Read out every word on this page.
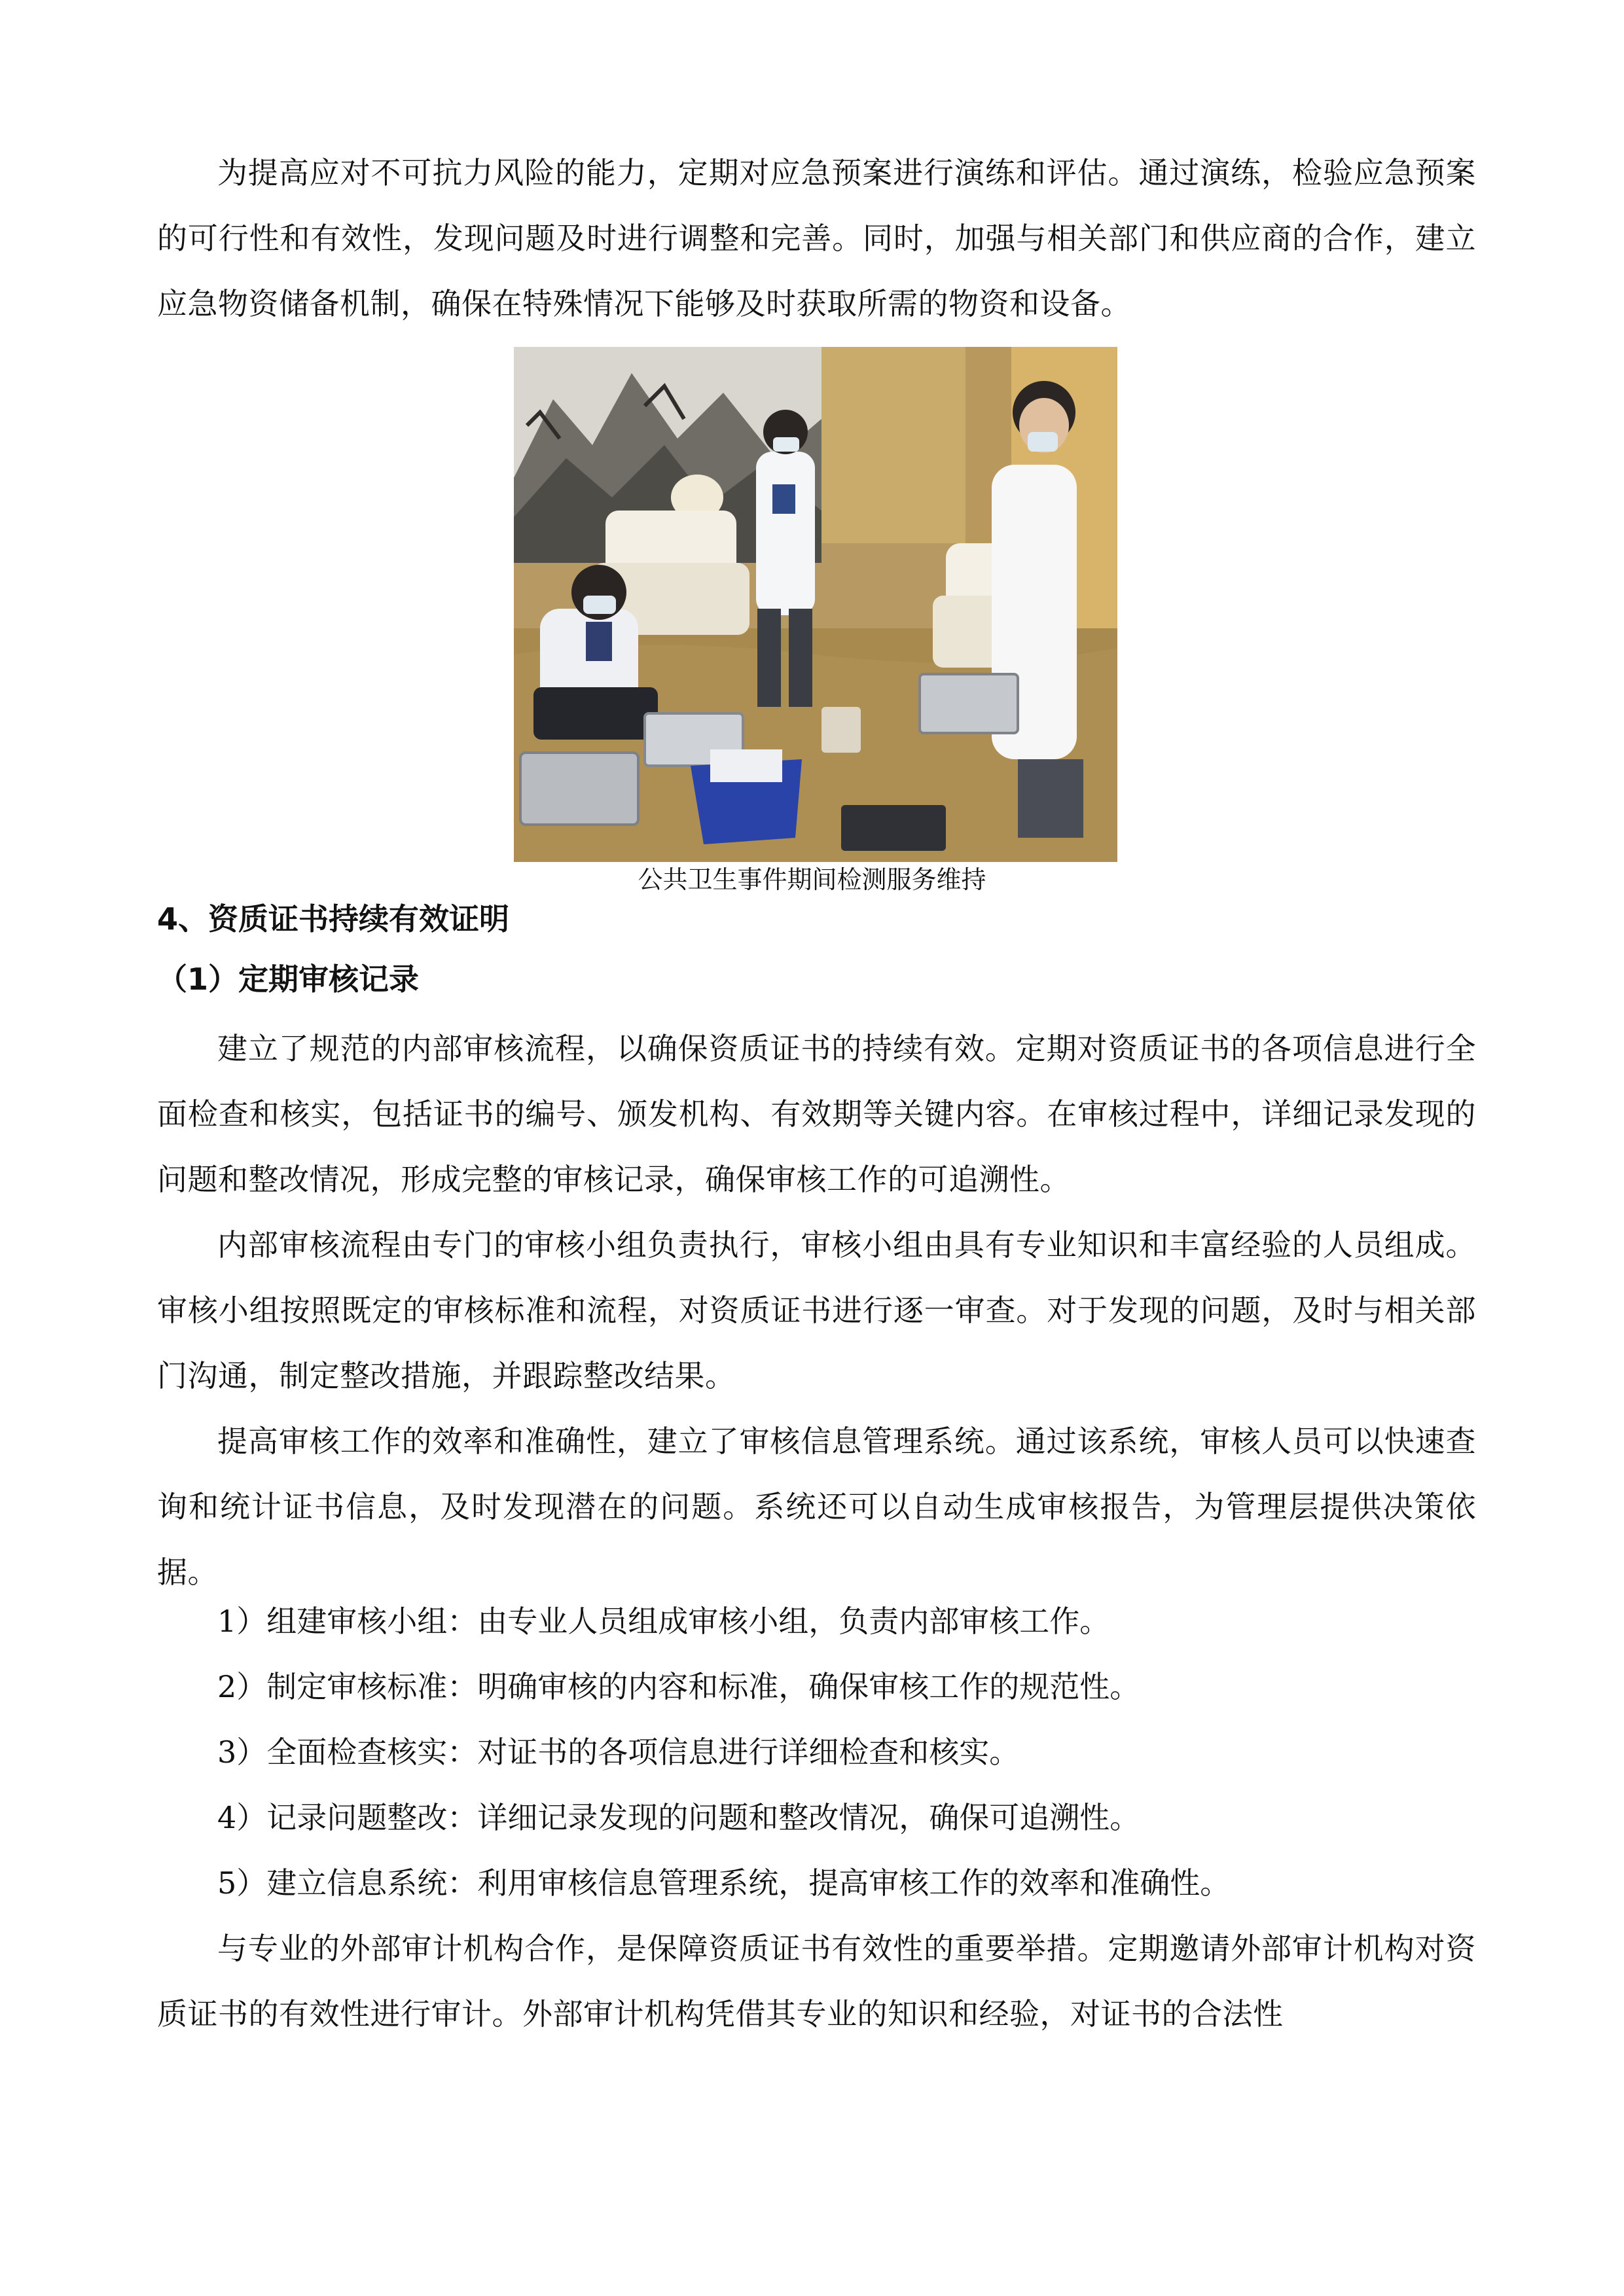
为提高应对不可抗力风险的能力，定期对应急预案进行演练和评估。通过演练，检验应急预案的可行性和有效性，发现问题及时进行调整和完善。同时，加强与相关部门和供应商的合作，建立应急物资储备机制，确保在特殊情况下能够及时获取所需的物资和设备。

公共卫生事件期间检测服务维持

4、资质证书持续有效证明

（1）定期审核记录

建立了规范的内部审核流程，以确保资质证书的持续有效。定期对资质证书的各项信息进行全面检查和核实，包括证书的编号、颁发机构、有效期等关键内容。在审核过程中，详细记录发现的问题和整改情况，形成完整的审核记录，确保审核工作的可追溯性。

内部审核流程由专门的审核小组负责执行，审核小组由具有专业知识和丰富经验的人员组成。审核小组按照既定的审核标准和流程，对资质证书进行逐一审查。对于发现的问题，及时与相关部门沟通，制定整改措施，并跟踪整改结果。

提高审核工作的效率和准确性，建立了审核信息管理系统。通过该系统，审核人员可以快速查询和统计证书信息，及时发现潜在的问题。系统还可以自动生成审核报告，为管理层提供决策依据。

1）组建审核小组：由专业人员组成审核小组，负责内部审核工作。

2）制定审核标准：明确审核的内容和标准，确保审核工作的规范性。

3）全面检查核实：对证书的各项信息进行详细检查和核实。

4）记录问题整改：详细记录发现的问题和整改情况，确保可追溯性。

5）建立信息系统：利用审核信息管理系统，提高审核工作的效率和准确性。

与专业的外部审计机构合作，是保障资质证书有效性的重要举措。定期邀请外部审计机构对资质证书的有效性进行审计。外部审计机构凭借其专业的知识和经验，对证书的合法性
